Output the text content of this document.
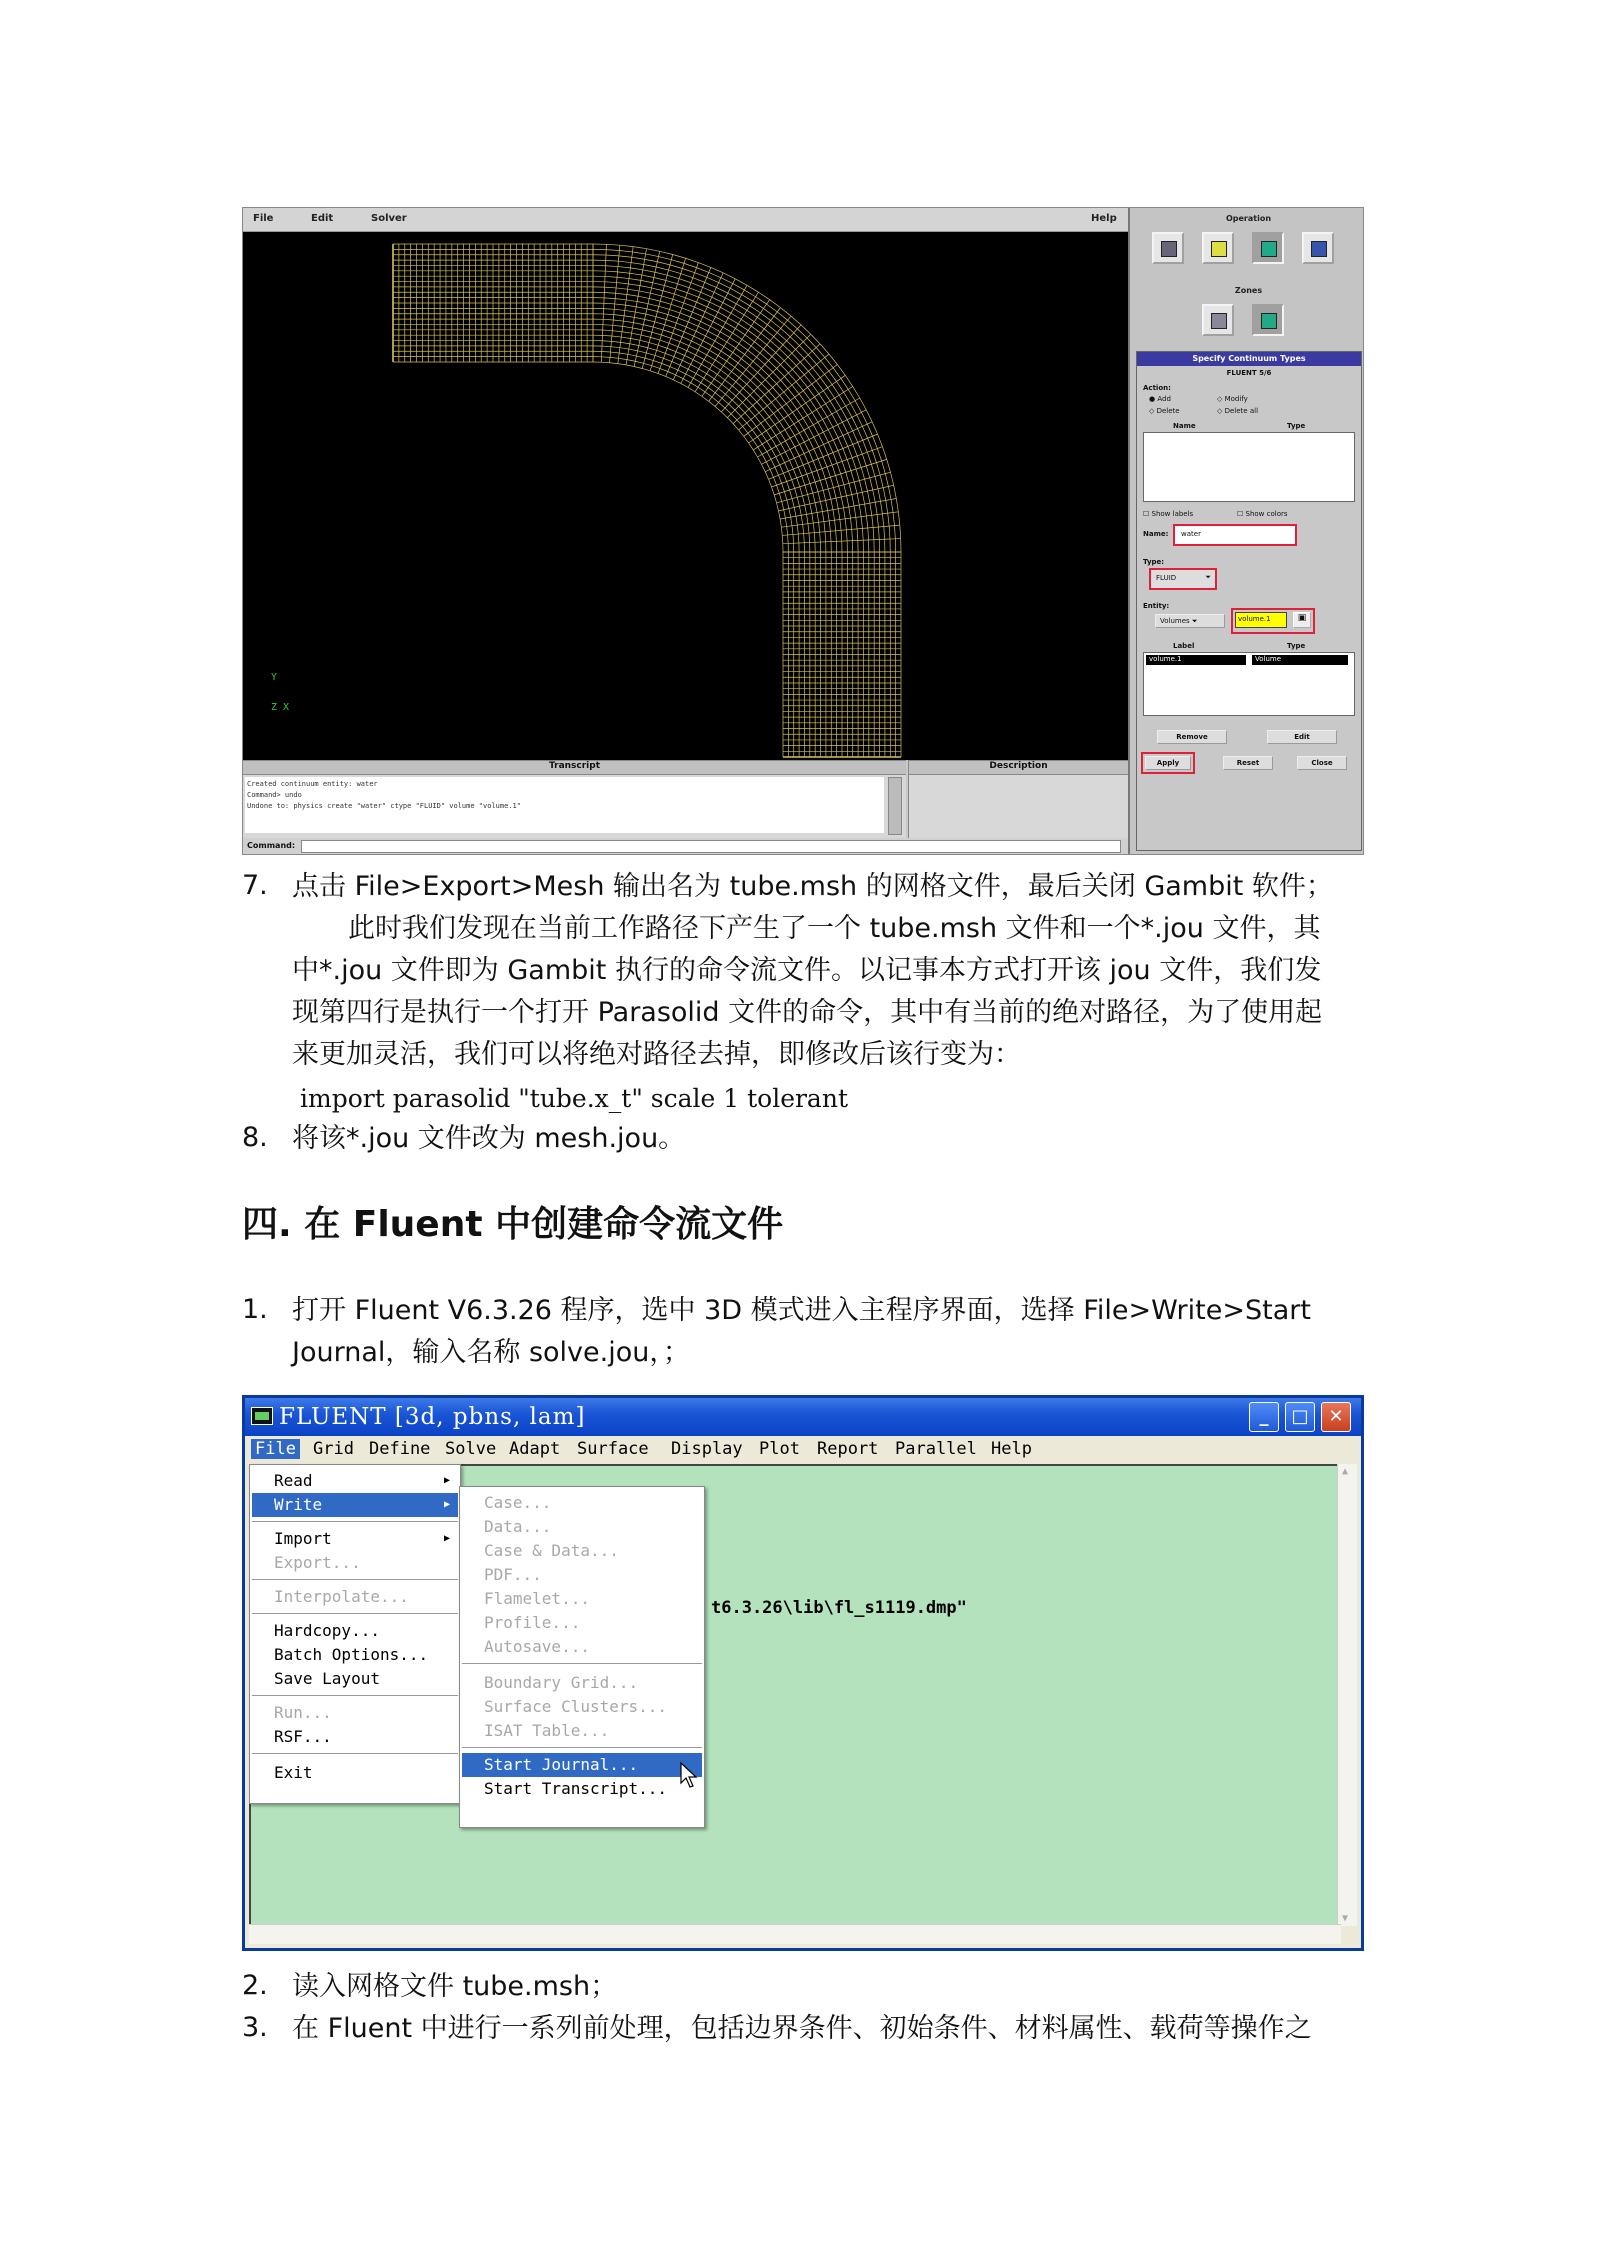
File	Edit	Solver	Help
Y
Z X
Transcript
Created continuum entity: water
Command> undo
Undone to: physics create "water" ctype "FLUID" volume "volume.1"
Description
Command:
Operation
Zones
Specify Continuum Types
FLUENT 5/6
Action:
● Add	◇ Modify
◇ Delete	◇ Delete all
Name	Type
☐ Show labels	☐ Show colors
Name: water
Type:
FLUID	⏷
Entity:
Volumes ⏷	volume.1	▣
Label	Type
volume.1	Volume
Remove	Edit
Apply	Reset	Close
7. 点击 File>Export>Mesh 输出名为 tube.msh 的网格文件，最后关闭 Gambit 软件；
此时我们发现在当前工作路径下产生了一个 tube.msh 文件和一个*.jou 文件，其
中*.jou 文件即为 Gambit 执行的命令流文件。以记事本方式打开该 jou 文件，我们发
现第四行是执行一个打开 Parasolid 文件的命令，其中有当前的绝对路径，为了使用起
来更加灵活，我们可以将绝对路径去掉，即修改后该行变为：
import parasolid "tube.x_t" scale 1 tolerant
8. 将该*.jou 文件改为 mesh.jou。
四. 在 Fluent 中创建命令流文件
1. 打开 Fluent V6.3.26 程序，选中 3D 模式进入主程序界面，选择 File>Write>Start
Journal，输入名称 solve.jou，；
FLUENT [3d, pbns, lam]	_	□	✕
File Grid Define Solve Adapt Surface Display Plot Report Parallel Help
t6.3.26\lib\fl_s1119.dmp"
▲ ▼
Read	▶
Write	▶
Import	▶
Export...
Interpolate...
Hardcopy...
Batch Options...
Save Layout
Run...
RSF...
Exit
Case...
Data...
Case & Data...
PDF...
Flamelet...
Profile...
Autosave...
Boundary Grid...
Surface Clusters...
ISAT Table...
Start Journal...
Start Transcript...
2. 读入网格文件 tube.msh；
3. 在 Fluent 中进行一系列前处理，包括边界条件、初始条件、材料属性、载荷等操作之
